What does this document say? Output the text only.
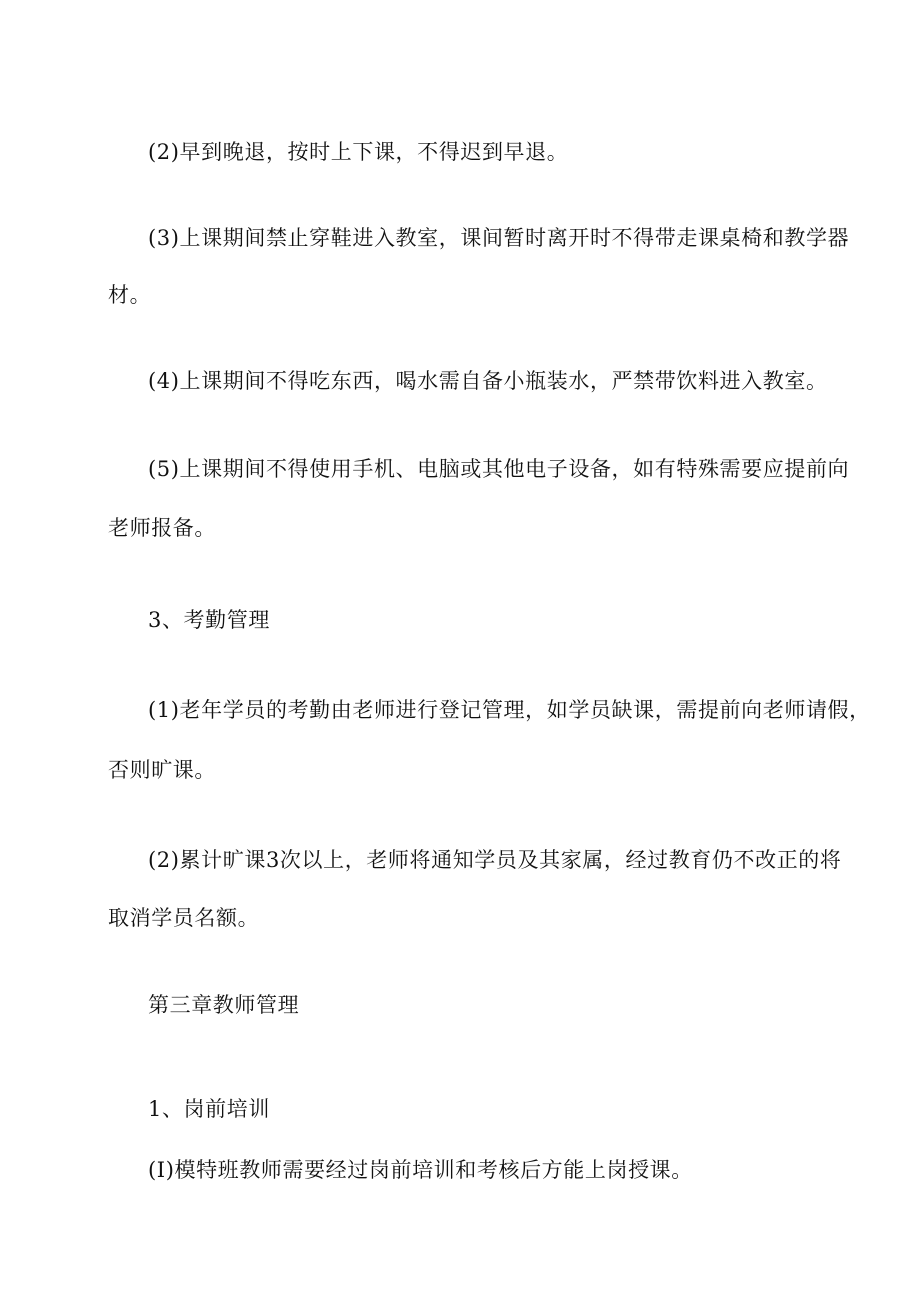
(2)早到晚退，按时上下课，不得迟到早退。
(3)上课期间禁止穿鞋进入教室，课间暂时离开时不得带走课桌椅和教学器
材。
(4)上课期间不得吃东西，喝水需自备小瓶装水，严禁带饮料进入教室。
(5)上课期间不得使用手机、电脑或其他电子设备，如有特殊需要应提前向
老师报备。
3、考勤管理
(1)老年学员的考勤由老师进行登记管理，如学员缺课，需提前向老师请假，
否则旷课。
(2)累计旷课3次以上，老师将通知学员及其家属，经过教育仍不改正的将
取消学员名额。
第三章教师管理
1、岗前培训
(I)模特班教师需要经过岗前培训和考核后方能上岗授课。
